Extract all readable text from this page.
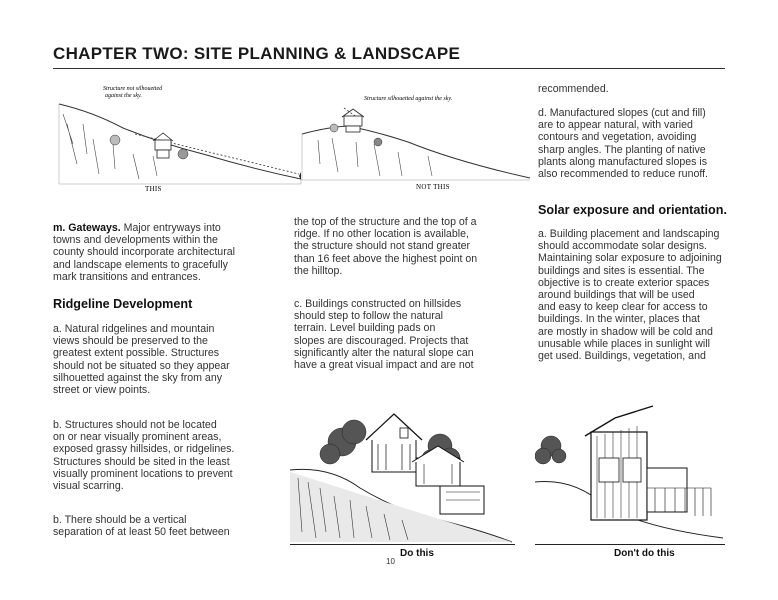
CHAPTER TWO: SITE PLANNING & LANDSCAPE
Structure not silhouetted
against the sky.
THIS
Structure silhouetted against the sky.
NOT THIS
m. Gateways. Major entryways into
towns and developments within the
county should incorporate architectural
and landscape elements to gracefully
mark transitions and entrances.
Ridgeline Development
a. Natural ridgelines and mountain
views should be preserved to the
greatest extent possible. Structures
should not be situated so they appear
silhouetted against the sky from any
street or view points.
b. Structures should not be located
on or near visually prominent areas,
exposed grassy hillsides, or ridgelines.
Structures should be sited in the least
visually prominent locations to prevent
visual scarring.
b. There should be a vertical
separation of at least 50 feet between
the top of the structure and the top of a
ridge. If no other location is available,
the structure should not stand greater
than 16 feet above the highest point on
the hilltop.
c. Buildings constructed on hillsides
should step to follow the natural
terrain. Level building pads on
slopes are discouraged. Projects that
significantly alter the natural slope can
have a great visual impact and are not
recommended.
d. Manufactured slopes (cut and fill)
are to appear natural, with varied
contours and vegetation, avoiding
sharp angles. The planting of native
plants along manufactured slopes is
also recommended to reduce runoff.
Solar exposure and orientation.
a. Building placement and landscaping
should accommodate solar designs.
Maintaining solar exposure to adjoining
buildings and sites is essential. The
objective is to create exterior spaces
around buildings that will be used
and easy to keep clear for access to
buildings. In the winter, places that
are mostly in shadow will be cold and
unusable while places in sunlight will
get used. Buildings, vegetation, and
Do this
10
Don't do this
